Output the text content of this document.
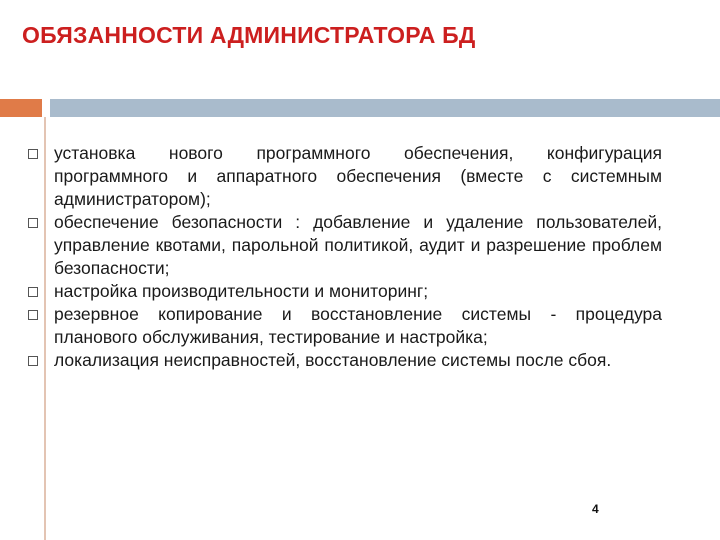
ОБЯЗАННОСТИ АДМИНИСТРАТОРА БД
установка нового программного обеспечения, конфигурация программного и аппаратного обеспечения (вместе с системным администратором);
обеспечение безопасности : добавление и удаление пользователей, управление квотами, парольной политикой, аудит и разрешение проблем безопасности;
настройка производительности и мониторинг;
резервное копирование и восстановление системы - процедура планового обслуживания, тестирование и настройка;
локализация неисправностей, восстановление системы после сбоя.
4
